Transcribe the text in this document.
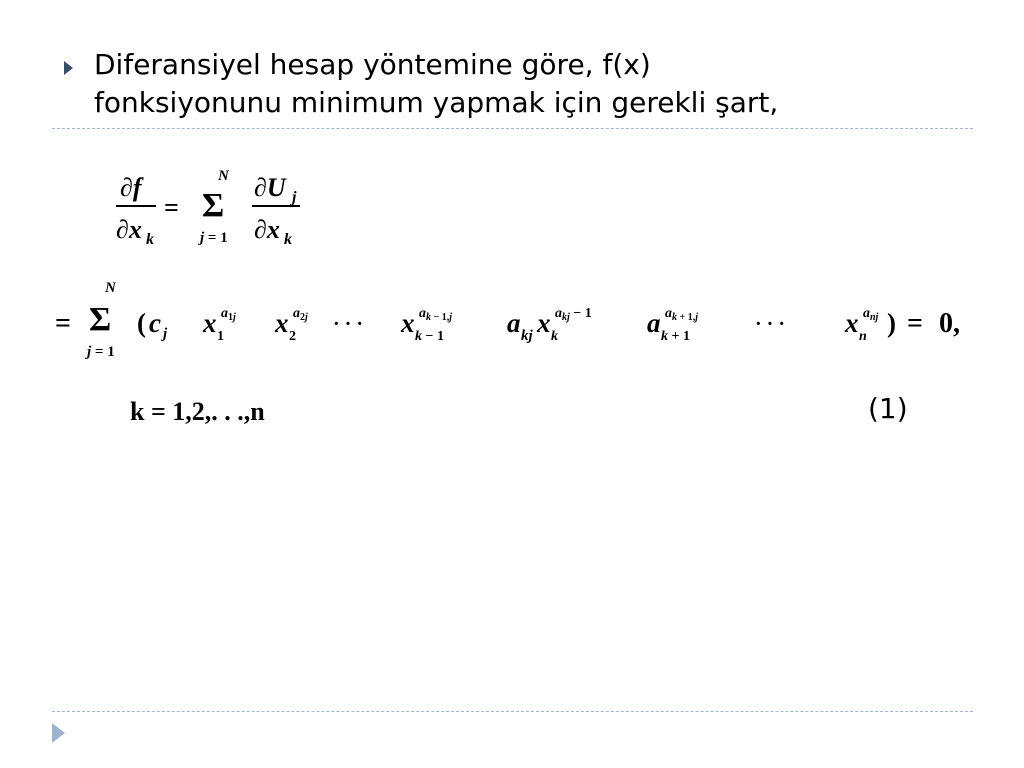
Diferansiyel hesap yöntemine göre, f(x)
fonksiyonunu minimum yapmak için gerekli şart,

∂f
∂x k
=
N
Σ
j = 1
∂U j
∂x k
=
N
Σ
j = 1
( c j x 1
$a_{1j}$ x 2
$a_{2j}$ · · · x k − 1
$a_{k - 1,j}$ a kj x k
$a_{kj} - 1$ a k + 1
$a_{k + 1,j}$	· · · x n
$a_{nj}$ ) = 0,
k = 1,2,. . .,n	(1)
